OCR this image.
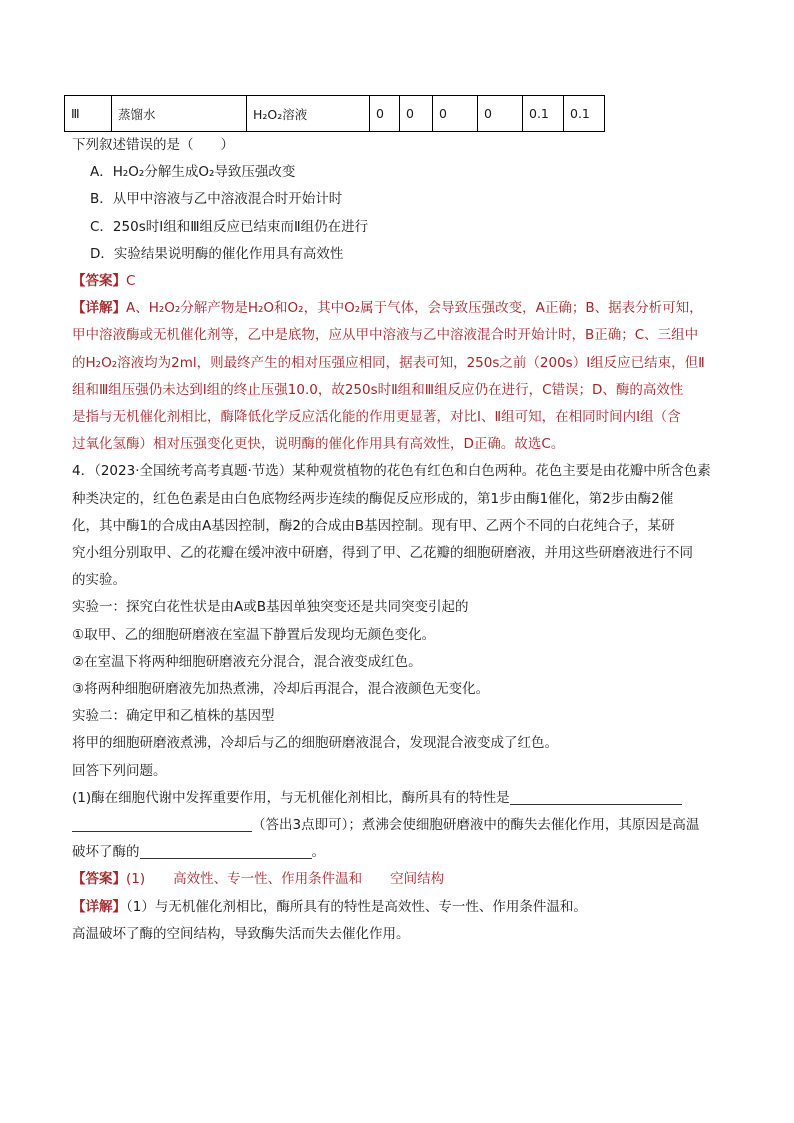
Ⅲ	蒸馏水	H₂O₂溶液	0	0	0	0	0.1	0.1
下列叙述错误的是（　　）
A．H₂O₂分解生成O₂导致压强改变
B．从甲中溶液与乙中溶液混合时开始计时
C．250s时Ⅰ组和Ⅲ组反应已结束而Ⅱ组仍在进行
D．实验结果说明酶的催化作用具有高效性
【答案】C
【详解】A、H₂O₂分解产物是H₂O和O₂，其中O₂属于气体，会导致压强改变，A正确；B、据表分析可知，
甲中溶液酶或无机催化剂等，乙中是底物，应从甲中溶液与乙中溶液混合时开始计时，B正确；C、三组中
的H₂O₂溶液均为2ml，则最终产生的相对压强应相同，据表可知，250s之前（200s）Ⅰ组反应已结束，但Ⅱ
组和Ⅲ组压强仍未达到Ⅰ组的终止压强10.0，故250s时Ⅱ组和Ⅲ组反应仍在进行，C错误；D、酶的高效性
是指与无机催化剂相比，酶降低化学反应活化能的作用更显著，对比Ⅰ、Ⅱ组可知，在相同时间内Ⅰ组（含
过氧化氢酶）相对压强变化更快，说明酶的催化作用具有高效性，D正确。故选C。
4．（2023·全国统考高考真题·节选）某种观赏植物的花色有红色和白色两种。花色主要是由花瓣中所含色素
种类决定的，红色色素是由白色底物经两步连续的酶促反应形成的，第1步由酶1催化，第2步由酶2催
化，其中酶1的合成由A基因控制，酶2的合成由B基因控制。现有甲、乙两个不同的白花纯合子，某研
究小组分别取甲、乙的花瓣在缓冲液中研磨，得到了甲、乙花瓣的细胞研磨液，并用这些研磨液进行不同
的实验。
实验一：探究白花性状是由A或B基因单独突变还是共同突变引起的
①取甲、乙的细胞研磨液在室温下静置后发现均无颜色变化。
②在室温下将两种细胞研磨液充分混合，混合液变成红色。
③将两种细胞研磨液先加热煮沸，冷却后再混合，混合液颜色无变化。
实验二：确定甲和乙植株的基因型
将甲的细胞研磨液煮沸，冷却后与乙的细胞研磨液混合，发现混合液变成了红色。
回答下列问题。
(1)酶在细胞代谢中发挥重要作用，与无机催化剂相比，酶所具有的特性是
（答出3点即可）；煮沸会使细胞研磨液中的酶失去催化作用，其原因是高温
破坏了酶的	。
【答案】(1) 高效性、专一性、作用条件温和 空间结构
【详解】（1）与无机催化剂相比，酶所具有的特性是高效性、专一性、作用条件温和。
高温破坏了酶的空间结构，导致酶失活而失去催化作用。
